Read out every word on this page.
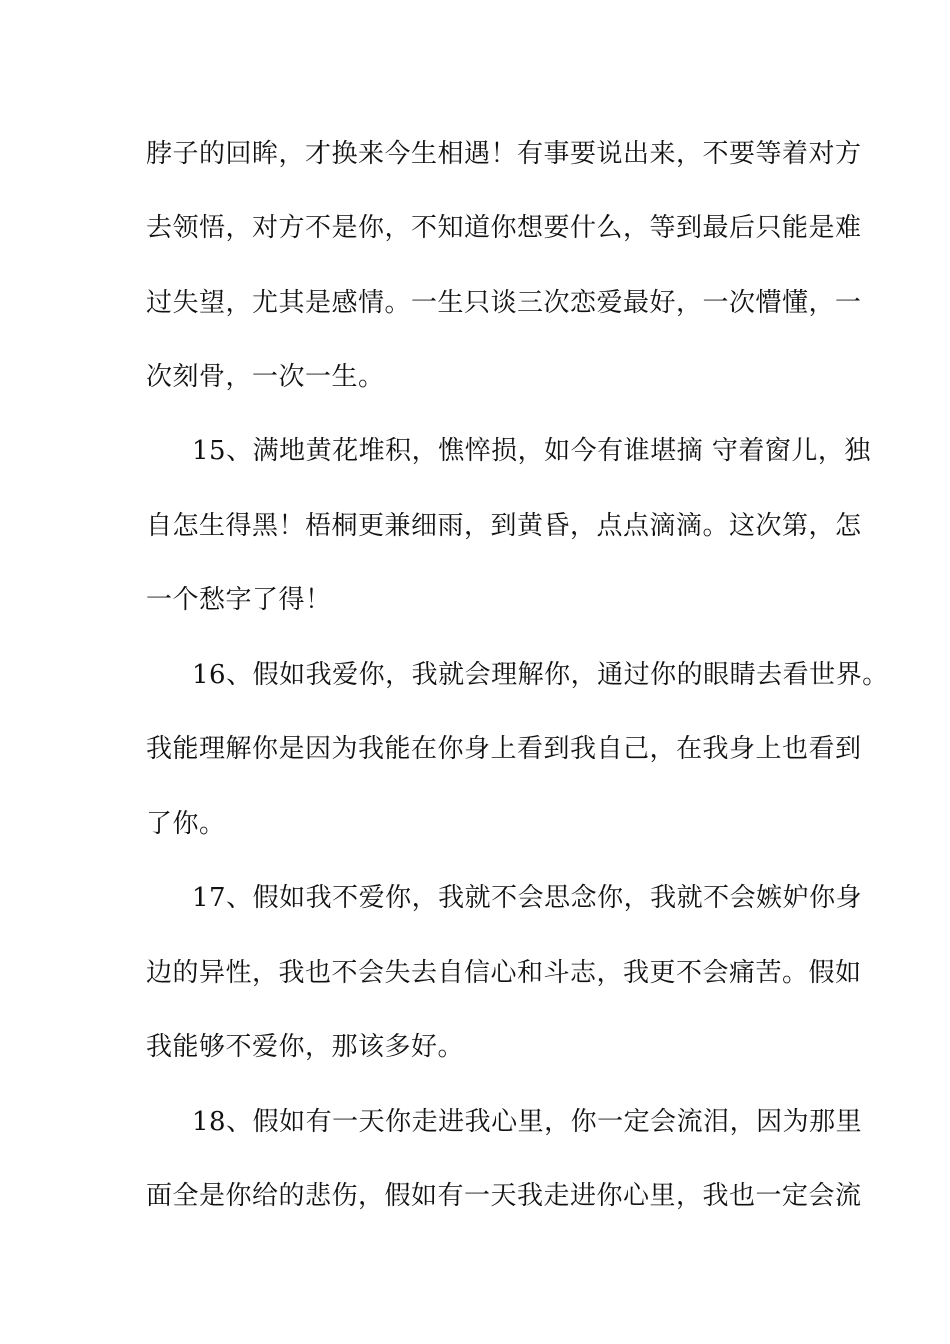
脖子的回眸，才换来今生相遇！有事要说出来，不要等着对方

去领悟，对方不是你，不知道你想要什么，等到最后只能是难

过失望，尤其是感情。一生只谈三次恋爱最好，一次懵懂，一

次刻骨，一次一生。

15、满地黄花堆积，憔悴损，如今有谁堪摘 守着窗儿，独

自怎生得黑！梧桐更兼细雨，到黄昏，点点滴滴。这次第，怎

一个愁字了得！

16、假如我爱你，我就会理解你，通过你的眼睛去看世界。

我能理解你是因为我能在你身上看到我自己，在我身上也看到

了你。

17、假如我不爱你，我就不会思念你，我就不会嫉妒你身

边的异性，我也不会失去自信心和斗志，我更不会痛苦。假如

我能够不爱你，那该多好。

18、假如有一天你走进我心里，你一定会流泪，因为那里

面全是你给的悲伤，假如有一天我走进你心里，我也一定会流
